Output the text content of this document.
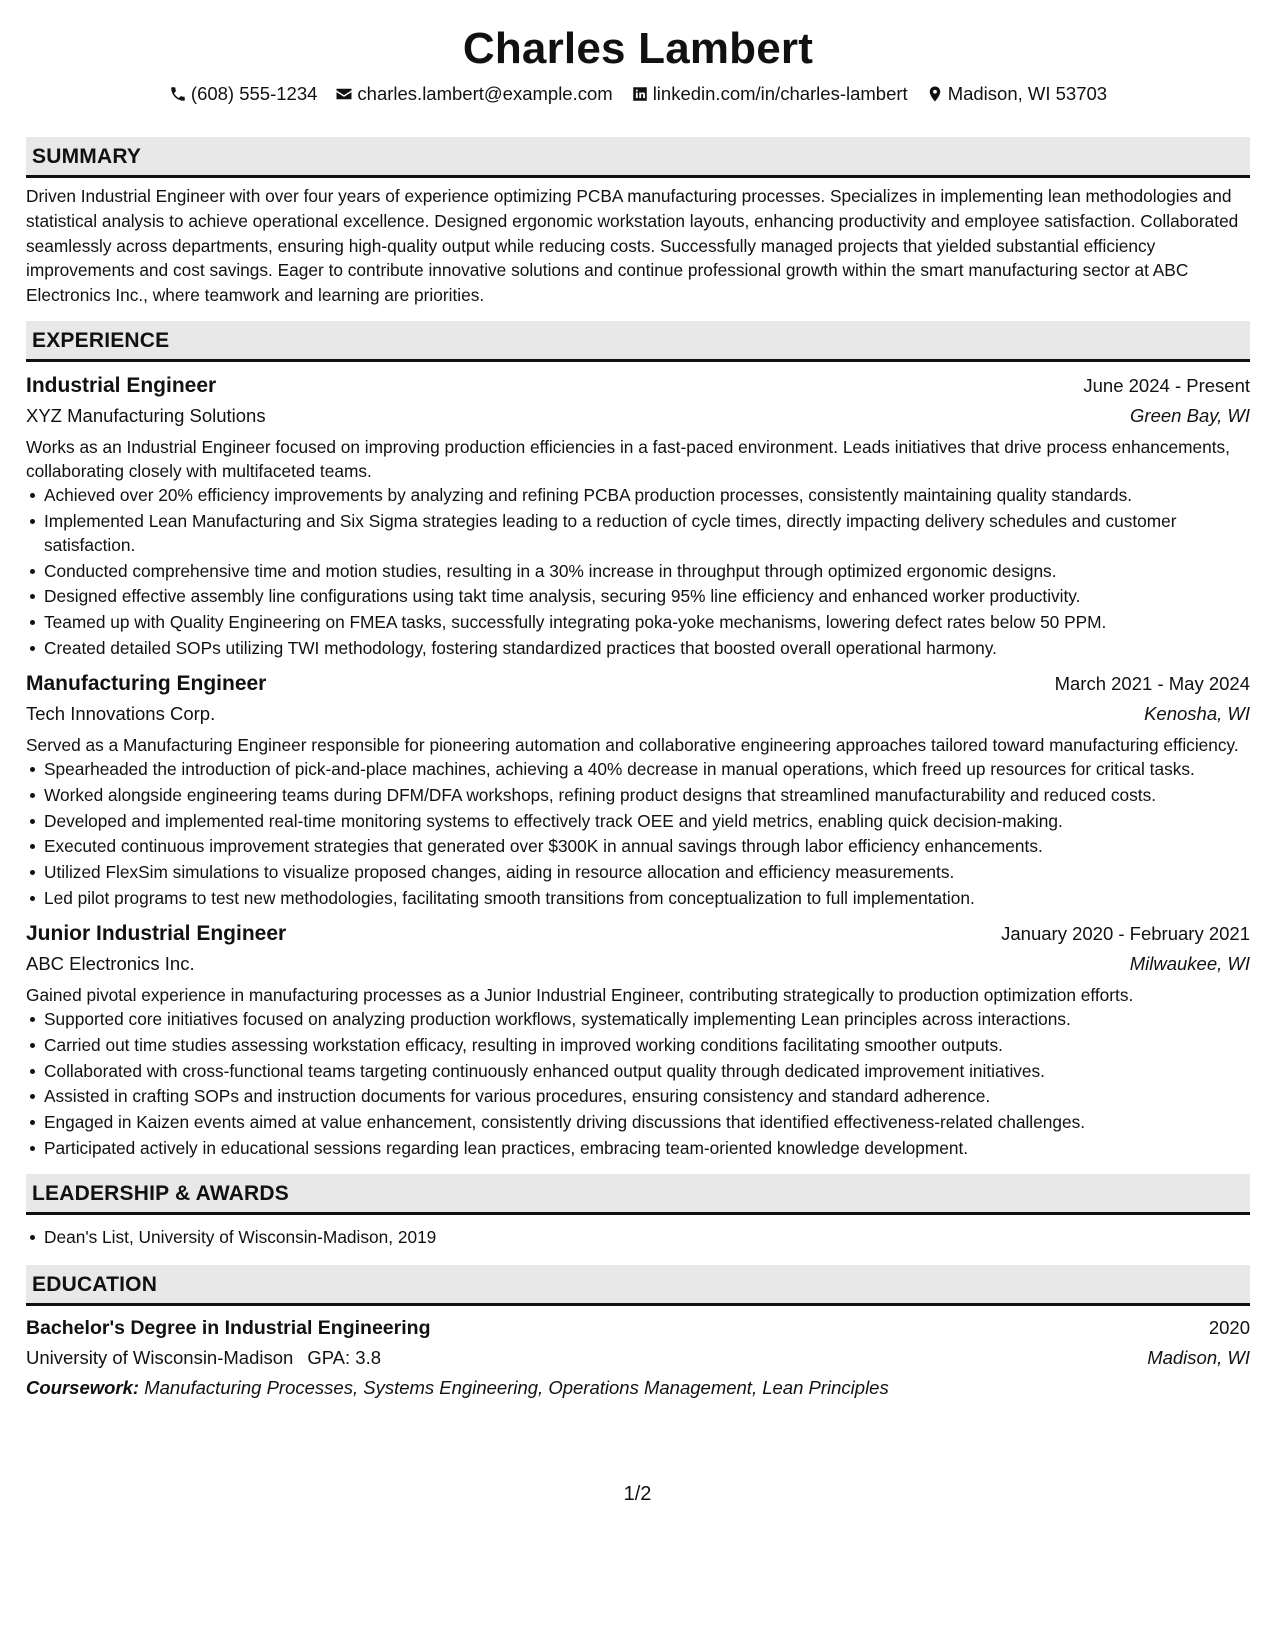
Charles Lambert
(608) 555-1234 charles.lambert@example.com linkedin.com/in/charles-lambert Madison, WI 53703
SUMMARY
Driven Industrial Engineer with over four years of experience optimizing PCBA manufacturing processes. Specializes in implementing lean methodologies and statistical analysis to achieve operational excellence. Designed ergonomic workstation layouts, enhancing productivity and employee satisfaction. Collaborated seamlessly across departments, ensuring high-quality output while reducing costs. Successfully managed projects that yielded substantial efficiency improvements and cost savings. Eager to contribute innovative solutions and continue professional growth within the smart manufacturing sector at ABC Electronics Inc., where teamwork and learning are priorities.
EXPERIENCE
Industrial Engineer	June 2024 - Present
XYZ Manufacturing Solutions	Green Bay, WI
Works as an Industrial Engineer focused on improving production efficiencies in a fast-paced environment. Leads initiatives that drive process enhancements, collaborating closely with multifaceted teams.
Achieved over 20% efficiency improvements by analyzing and refining PCBA production processes, consistently maintaining quality standards.
Implemented Lean Manufacturing and Six Sigma strategies leading to a reduction of cycle times, directly impacting delivery schedules and customer satisfaction.
Conducted comprehensive time and motion studies, resulting in a 30% increase in throughput through optimized ergonomic designs.
Designed effective assembly line configurations using takt time analysis, securing 95% line efficiency and enhanced worker productivity.
Teamed up with Quality Engineering on FMEA tasks, successfully integrating poka-yoke mechanisms, lowering defect rates below 50 PPM.
Created detailed SOPs utilizing TWI methodology, fostering standardized practices that boosted overall operational harmony.
Manufacturing Engineer	March 2021 - May 2024
Tech Innovations Corp.	Kenosha, WI
Served as a Manufacturing Engineer responsible for pioneering automation and collaborative engineering approaches tailored toward manufacturing efficiency.
Spearheaded the introduction of pick-and-place machines, achieving a 40% decrease in manual operations, which freed up resources for critical tasks.
Worked alongside engineering teams during DFM/DFA workshops, refining product designs that streamlined manufacturability and reduced costs.
Developed and implemented real-time monitoring systems to effectively track OEE and yield metrics, enabling quick decision-making.
Executed continuous improvement strategies that generated over $300K in annual savings through labor efficiency enhancements.
Utilized FlexSim simulations to visualize proposed changes, aiding in resource allocation and efficiency measurements.
Led pilot programs to test new methodologies, facilitating smooth transitions from conceptualization to full implementation.
Junior Industrial Engineer	January 2020 - February 2021
ABC Electronics Inc.	Milwaukee, WI
Gained pivotal experience in manufacturing processes as a Junior Industrial Engineer, contributing strategically to production optimization efforts.
Supported core initiatives focused on analyzing production workflows, systematically implementing Lean principles across interactions.
Carried out time studies assessing workstation efficacy, resulting in improved working conditions facilitating smoother outputs.
Collaborated with cross-functional teams targeting continuously enhanced output quality through dedicated improvement initiatives.
Assisted in crafting SOPs and instruction documents for various procedures, ensuring consistency and standard adherence.
Engaged in Kaizen events aimed at value enhancement, consistently driving discussions that identified effectiveness-related challenges.
Participated actively in educational sessions regarding lean practices, embracing team-oriented knowledge development.
LEADERSHIP & AWARDS
Dean's List, University of Wisconsin-Madison, 2019
EDUCATION
Bachelor's Degree in Industrial Engineering	2020
University of Wisconsin-Madison GPA: 3.8	Madison, WI
Coursework: Manufacturing Processes, Systems Engineering, Operations Management, Lean Principles
1/2
